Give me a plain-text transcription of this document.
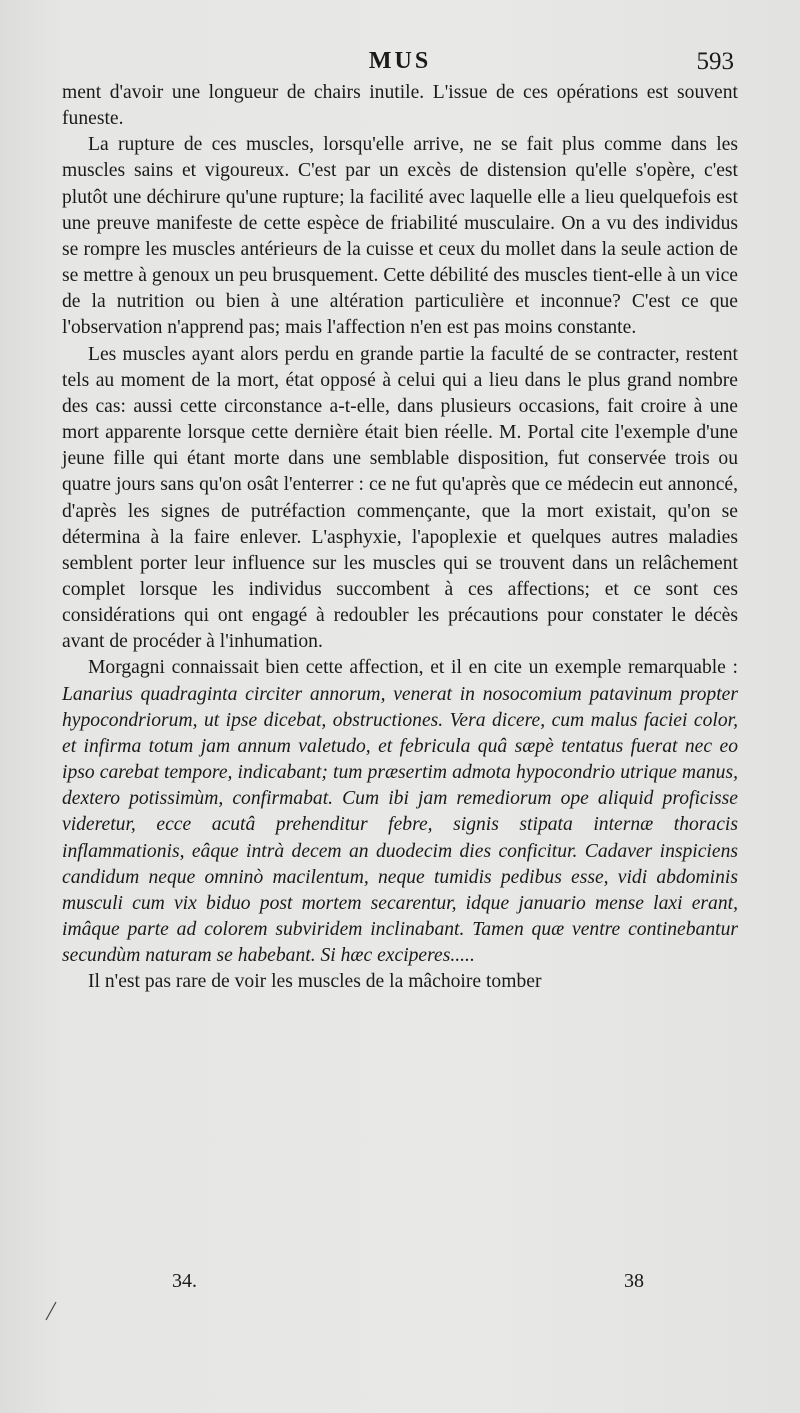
MUS	593

ment d'avoir une longueur de chairs inutile. L'issue de ces opérations est souvent funeste.

La rupture de ces muscles, lorsqu'elle arrive, ne se fait plus comme dans les muscles sains et vigoureux. C'est par un excès de distension qu'elle s'opère, c'est plutôt une déchirure qu'une rupture; la facilité avec laquelle elle a lieu quelquefois est une preuve manifeste de cette espèce de friabilité musculaire. On a vu des individus se rompre les muscles antérieurs de la cuisse et ceux du mollet dans la seule action de se mettre à genoux un peu brusquement. Cette débilité des muscles tient-elle à un vice de la nutrition ou bien à une altération particulière et inconnue? C'est ce que l'observation n'apprend pas; mais l'affection n'en est pas moins constante.

Les muscles ayant alors perdu en grande partie la faculté de se contracter, restent tels au moment de la mort, état opposé à celui qui a lieu dans le plus grand nombre des cas: aussi cette circonstance a-t-elle, dans plusieurs occasions, fait croire à une mort apparente lorsque cette dernière était bien réelle. M. Portal cite l'exemple d'une jeune fille qui étant morte dans une semblable disposition, fut conservée trois ou quatre jours sans qu'on osât l'enterrer : ce ne fut qu'après que ce médecin eut annoncé, d'après les signes de putréfaction commençante, que la mort existait, qu'on se détermina à la faire enlever. L'asphyxie, l'apoplexie et quelques autres maladies semblent porter leur influence sur les muscles qui se trouvent dans un relâchement complet lorsque les individus succombent à ces affections; et ce sont ces considérations qui ont engagé à redoubler les précautions pour constater le décès avant de procéder à l'inhumation.

Morgagni connaissait bien cette affection, et il en cite un exemple remarquable : Lanarius quadraginta circiter annorum, venerat in nosocomium patavinum propter hypocondriorum, ut ipse dicebat, obstructiones. Vera dicere, cum malus faciei color, et infirma totum jam annum valetudo, et febricula quâ sæpè tentatus fuerat nec eo ipso carebat tempore, indicabant; tum præsertim admota hypocondrio utrique manus, dextero potissimùm, confirmabat. Cum ibi jam remediorum ope aliquid proficisse videretur, ecce acutâ prehenditur febre, signis stipata internæ thoracis inflammationis, eâque intrà decem an duodecim dies conficitur. Cadaver inspiciens candidum neque omninò macilentum, neque tumidis pedibus esse, vidi abdominis musculi cum vix biduo post mortem secarentur, idque januario mense laxi erant, imâque parte ad colorem subviridem inclinabant. Tamen quæ ventre continebantur secundùm naturam se habebant. Si hæc exciperes.....

Il n'est pas rare de voir les muscles de la mâchoire tomber

34.	38
